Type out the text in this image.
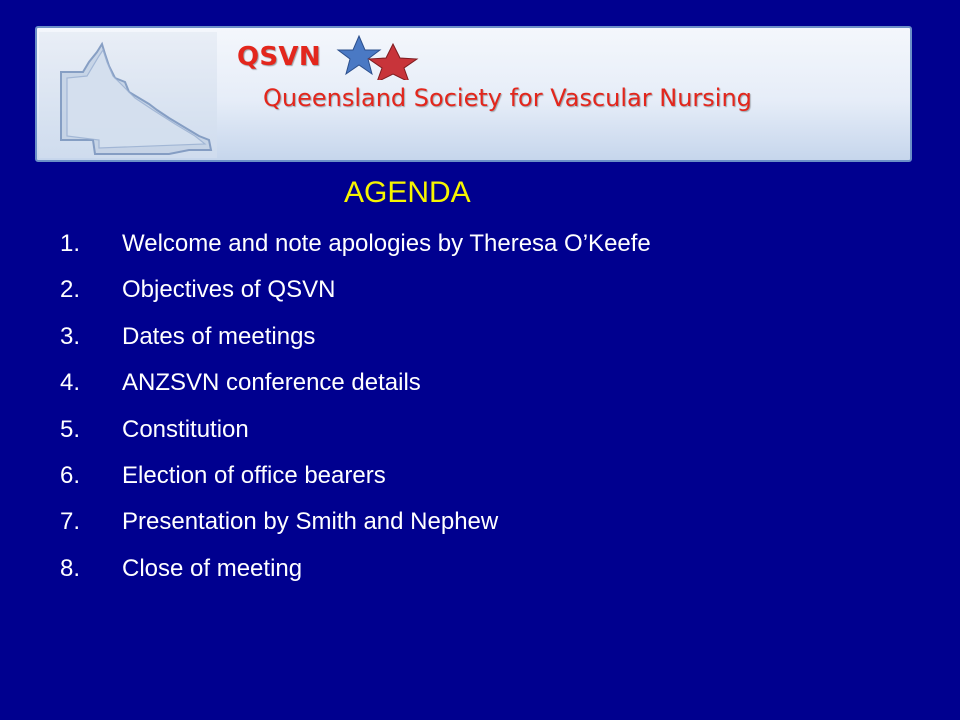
QSVN
Queensland Society for Vascular Nursing
AGENDA
1.	Welcome and note apologies by Theresa O’Keefe
2.	Objectives of QSVN
3.	Dates of meetings
4.	ANZSVN conference details
5.	Constitution
6.	Election of office bearers
7.	Presentation by Smith and Nephew
8.	Close of meeting
